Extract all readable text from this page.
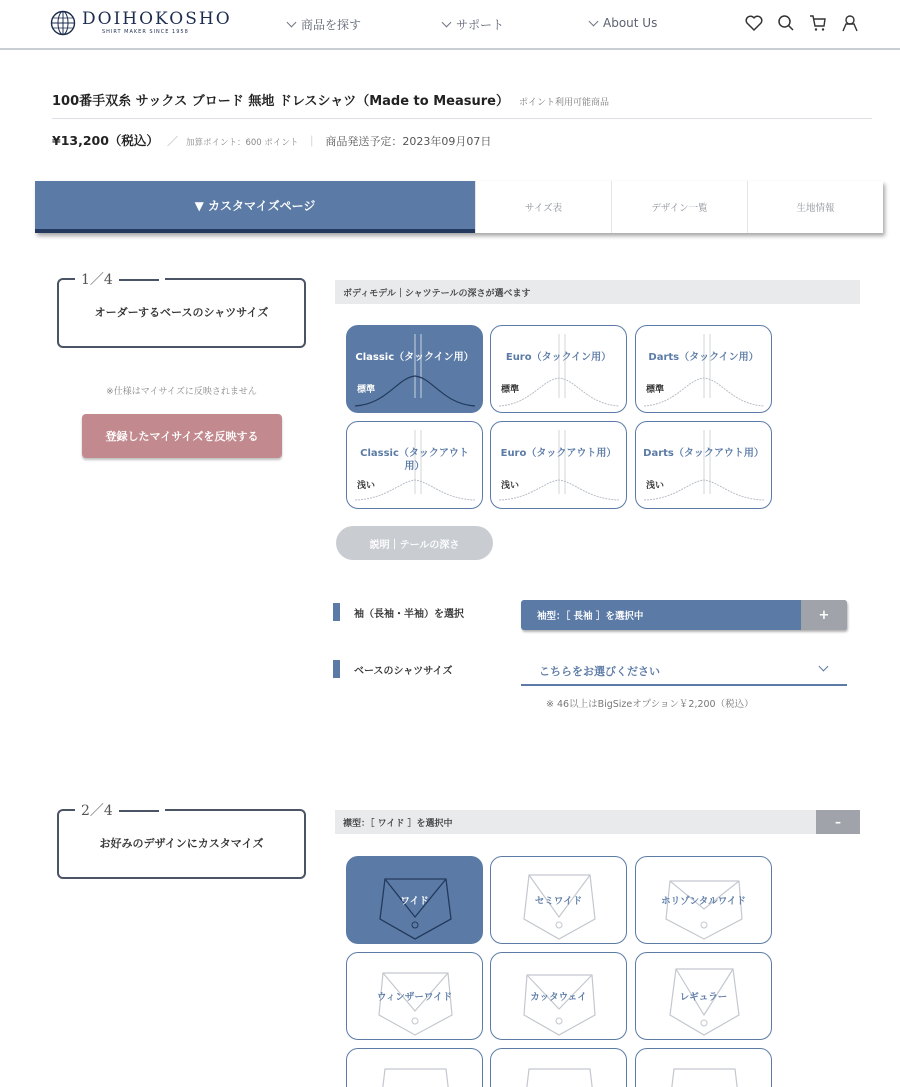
DOIHOKOSHO
SHIRT MAKER SINCE 1958	商品を探す	サポート	About Us
100番手双糸 サックス ブロード 無地 ドレスシャツ（Made to Measure） ポイント利用可能商品
¥13,200（税込） ／ 加算ポイント：600 ポイント ｜ 商品発送予定：2023年09月07日
▼ カスタマイズページ	サイズ表	デザイン一覧	生地情報
1／4
オーダーするベースのシャツサイズ
※仕様はマイサイズに反映されません
登録したマイサイズを反映する
ボディモデル｜シャツテールの深さが選べます
Classic（タックイン用）
標準
Euro（タックイン用）
標準
Darts（タックイン用）
標準
Classic（タックアウト用）
浅い
Euro（タックアウト用）
浅い
Darts（タックアウト用）
浅い
説明｜テールの深さ
袖（長袖・半袖）を選択	袖型：［ 長袖 ］を選択中	+
ベースのシャツサイズ	こちらをお選びください
※ 46以上はBigSizeオプション￥2,200（税込）
2／4
お好みのデザインにカスタマイズ
襟型：［ ワイド ］を選択中	–
ワイド	セミワイド	ホリゾンタルワイド
ウィンザーワイド	カッタウェイ	レギュラー
